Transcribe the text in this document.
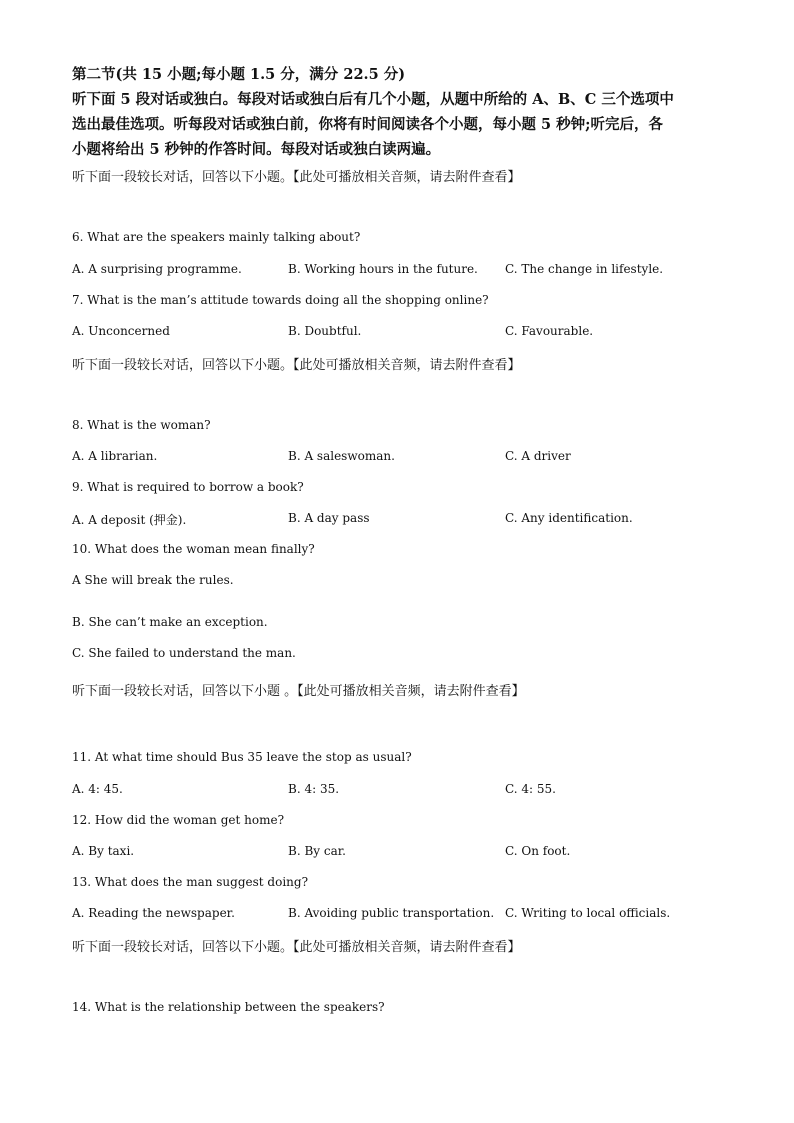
第二节(共 15 小题;每小题 1.5 分，满分 22.5 分)
听下面 5 段对话或独白。每段对话或独白后有几个小题，从题中所给的 A、B、C 三个选项中
选出最佳选项。听每段对话或独白前，你将有时间阅读各个小题，每小题 5 秒钟;听完后，各
小题将给出 5 秒钟的作答时间。每段对话或独白读两遍。
听下面一段较长对话，回答以下小题。【此处可播放相关音频，请去附件查看】
6. What are the speakers mainly talking about?
A. A surprising programme.	B. Working hours in the future. C. The change in lifestyle.
7. What is the man’s attitude towards doing all the shopping online?
A. Unconcerned	B. Doubtful.	C. Favourable.
听下面一段较长对话，回答以下小题。【此处可播放相关音频，请去附件查看】
8. What is the woman?
A. A librarian.	B. A saleswoman.	C. A driver
9. What is required to borrow a book?
A. A deposit (押金).	B. A day pass	C. Any identification.
10. What does the woman mean finally?
A She will break the rules.
B. She can’t make an exception.
C. She failed to understand the man.
听下面一段较长对话，回答以下小题 。【此处可播放相关音频，请去附件查看】
11. At what time should Bus 35 leave the stop as usual?
A. 4: 45.	B. 4: 35.	C. 4: 55.
12. How did the woman get home?
A. By taxi.	B. By car.	C. On foot.
13. What does the man suggest doing?
A. Reading the newspaper.	B. Avoiding public transportation. C. Writing to local officials.
听下面一段较长对话，回答以下小题。【此处可播放相关音频，请去附件查看】
14. What is the relationship between the speakers?
